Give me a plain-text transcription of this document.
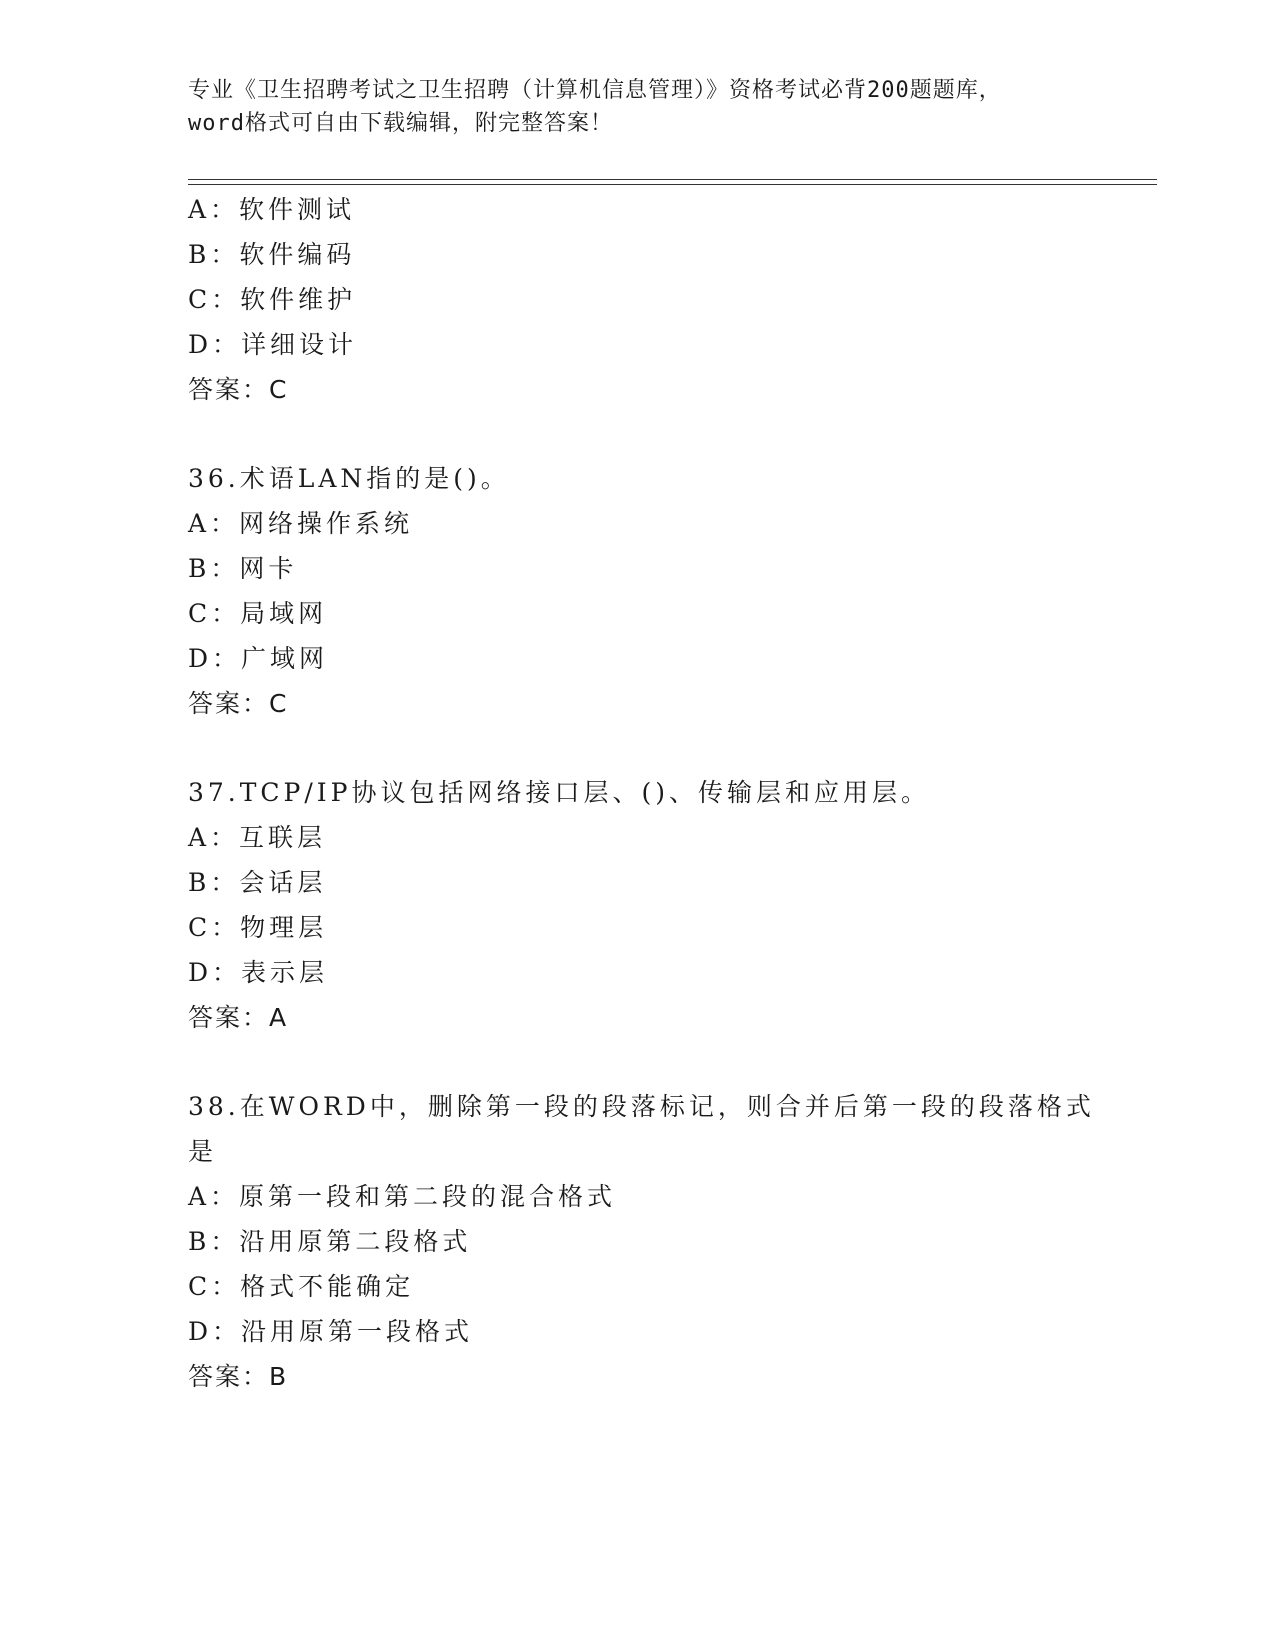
专业《卫生招聘考试之卫生招聘（计算机信息管理）》资格考试必背200题题库，
word格式可自由下载编辑，附完整答案！
A：软件测试
B：软件编码
C：软件维护
D：详细设计
答案：C
36.术语LAN指的是()。
A：网络操作系统
B：网卡
C：局域网
D：广域网
答案：C
37.TCP/IP协议包括网络接口层、()、传输层和应用层。
A：互联层
B：会话层
C：物理层
D：表示层
答案：A
38.在WORD中，删除第一段的段落标记，则合并后第一段的段落格式
是
A：原第一段和第二段的混合格式
B：沿用原第二段格式
C：格式不能确定
D：沿用原第一段格式
答案：B
